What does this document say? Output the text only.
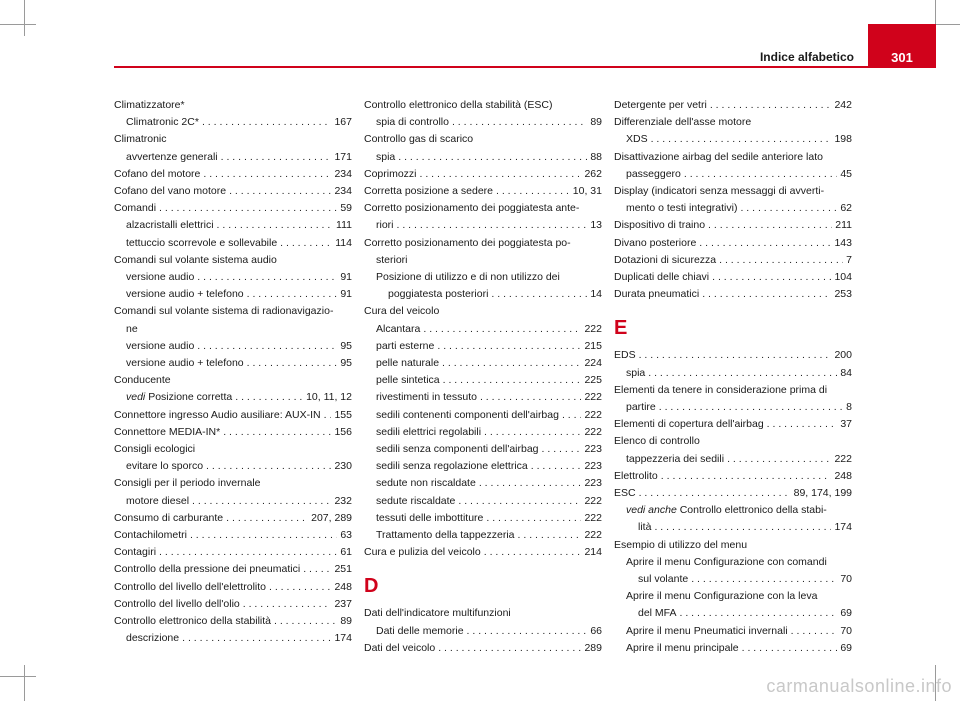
Indice alfabetico	301
Climatizzatore*
Climatronic 2C* . . .	167
Climatronic
avvertenze generali . . .	171
Cofano del motore . . .	234
Cofano del vano motore . . .	234
Comandi . . .	59
alzacristalli elettrici . . .	111
tettuccio scorrevole e sollevabile . . .	114
Comandi sul volante sistema audio
versione audio . . .	91
versione audio + telefono . . .	91
Comandi sul volante sistema di radionavigazio-
ne
versione audio . . .	95
versione audio + telefono . . .	95
Conducente
vedi Posizione corretta . . .	10, 11, 12
Connettore ingresso Audio ausiliare: AUX-IN . . . 155
Connettore MEDIA-IN* . . .	156
Consigli ecologici
evitare lo sporco . . .	230
Consigli per il periodo invernale
motore diesel . . .	232
Consumo di carburante . . .	207, 289
Contachilometri . . .	63
Contagiri . . .	61
Controllo della pressione dei pneumatici . . .	251
Controllo del livello dell'elettrolito . . .	248
Controllo del livello dell'olio . . .	237
Controllo elettronico della stabilità . . .	89
descrizione . . .	174
Controllo elettronico della stabilità (ESC)
spia di controllo . . .	89
Controllo gas di scarico
spia . . .	88
Coprimozzi . . .	262
Corretta posizione a sedere . . .	10, 31
Corretto posizionamento dei poggiatesta ante-
riori . . .	13
Corretto posizionamento dei poggiatesta po-
steriori
Posizione di utilizzo e di non utilizzo dei
poggiatesta posteriori . . .	14
Cura del veicolo
Alcantara . . .	222
parti esterne . . .	215
pelle naturale . . .	224
pelle sintetica . . .	225
rivestimenti in tessuto . . .	222
sedili contenenti componenti dell'airbag . . . 222
sedili elettrici regolabili . . .	222
sedili senza componenti dell'airbag . . .	223
sedili senza regolazione elettrica . . .	223
sedute non riscaldate . . .	223
sedute riscaldate . . .	222
tessuti delle imbottiture . . .	222
Trattamento della tappezzeria . . .	222
Cura e pulizia del veicolo . . .	214
D
Dati dell'indicatore multifunzioni
Dati delle memorie . . .	66
Dati del veicolo . . .	289
Detergente per vetri . . .	242
Differenziale dell'asse motore
XDS . . .	198
Disattivazione airbag del sedile anteriore lato
passeggero . . .	45
Display (indicatori senza messaggi di avverti-
mento o testi integrativi) . . .	62
Dispositivo di traino . . .	211
Divano posteriore . . .	143
Dotazioni di sicurezza . . .	7
Duplicati delle chiavi . . .	104
Durata pneumatici . . .	253
E
EDS . . .	200
spia . . .	84
Elementi da tenere in considerazione prima di
partire . . .	8
Elementi di copertura dell'airbag . . .	37
Elenco di controllo
tappezzeria dei sedili . . .	222
Elettrolito . . .	248
ESC . . .	89, 174, 199
vedi anche Controllo elettronico della stabi-
lità . . .	174
Esempio di utilizzo del menu
Aprire il menu Configurazione con comandi
sul volante . . .	70
Aprire il menu Configurazione con la leva
del MFA . . .	69
Aprire il menu Pneumatici invernali . . .	70
Aprire il menu principale . . .	69
carmanualsonline.info
